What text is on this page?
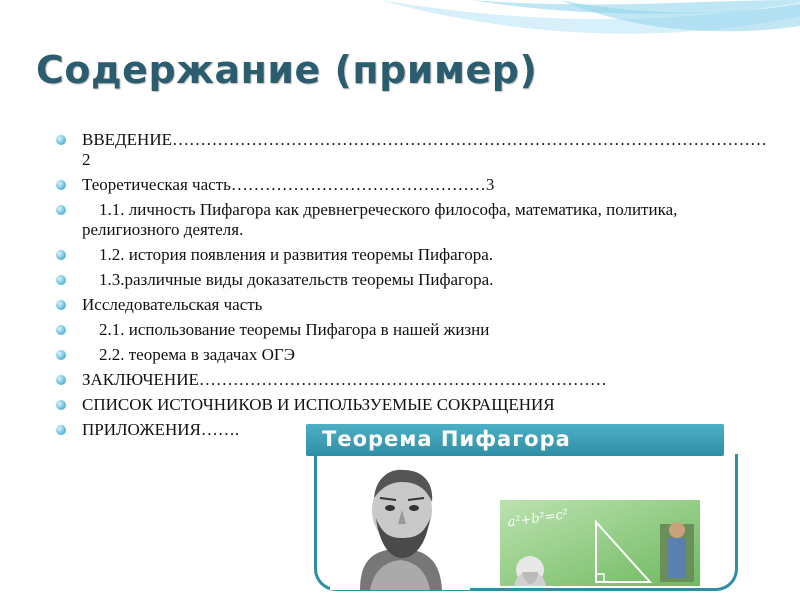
Содержание (пример)
ВВЕДЕНИЕ……………………………………………………………………………………………2
Теоретическая часть………………………………………3
1.1. личность Пифагора как древнегреческого философа, математика, политика, религиозного деятеля.
1.2. история появления и развития теоремы Пифагора.
1.3.различные виды доказательств теоремы Пифагора.
Исследовательская часть
2.1. использование теоремы Пифагора в нашей жизни
2.2. теорема в задачах ОГЭ
ЗАКЛЮЧЕНИЕ………………………………………………………………
СПИСОК ИСТОЧНИКОВ И ИСПОЛЬЗУЕМЫЕ СОКРАЩЕНИЯ
ПРИЛОЖЕНИЯ…….	Теорема Пифагора
a²+b²=c²
